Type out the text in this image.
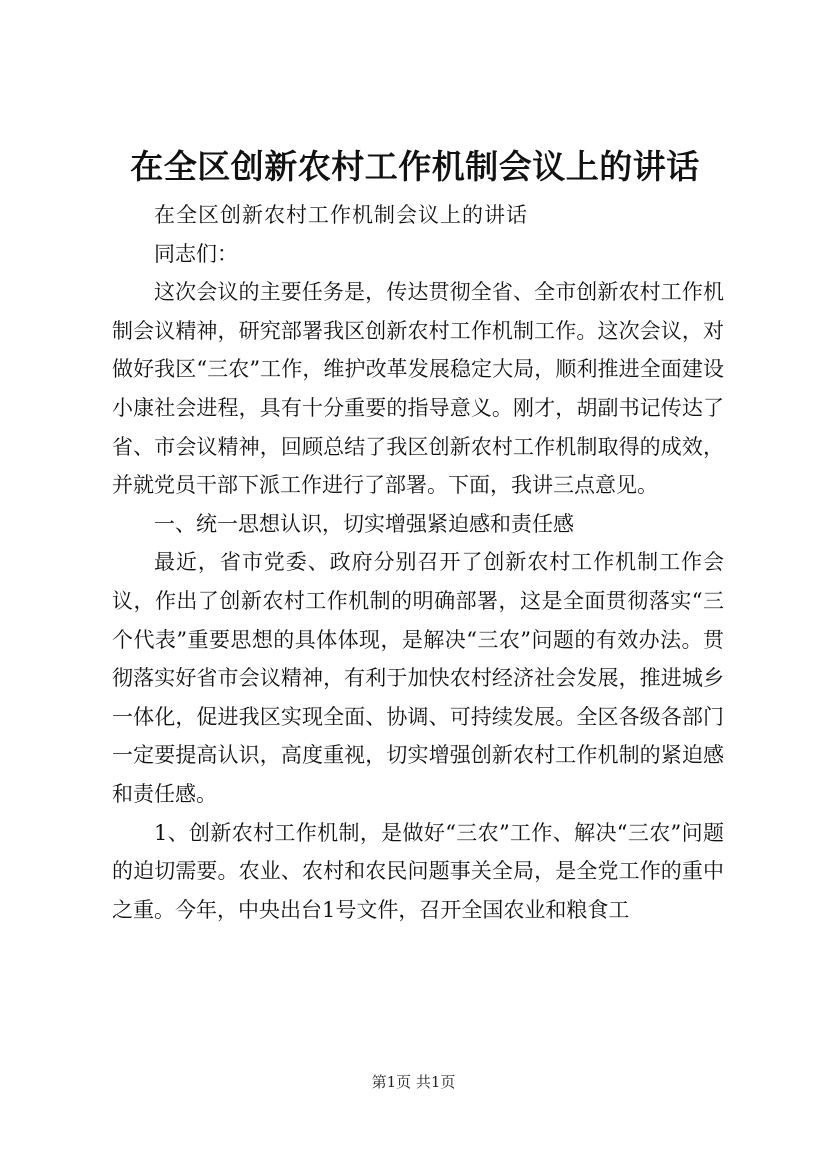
在全区创新农村工作机制会议上的讲话

在全区创新农村工作机制会议上的讲话

同志们：

这次会议的主要任务是，传达贯彻全省、全市创新农村工作机制会议精神，研究部署我区创新农村工作机制工作。这次会议，对做好我区“三农”工作，维护改革发展稳定大局，顺利推进全面建设小康社会进程，具有十分重要的指导意义。刚才，胡副书记传达了省、市会议精神，回顾总结了我区创新农村工作机制取得的成效，并就党员干部下派工作进行了部署。下面，我讲三点意见。

一、统一思想认识，切实增强紧迫感和责任感

最近，省市党委、政府分别召开了创新农村工作机制工作会议，作出了创新农村工作机制的明确部署，这是全面贯彻落实“三个代表”重要思想的具体体现，是解决“三农”问题的有效办法。贯彻落实好省市会议精神，有利于加快农村经济社会发展，推进城乡一体化，促进我区实现全面、协调、可持续发展。全区各级各部门一定要提高认识，高度重视，切实增强创新农村工作机制的紧迫感和责任感。

1、创新农村工作机制，是做好“三农”工作、解决“三农”问题的迫切需要。农业、农村和农民问题事关全局，是全党工作的重中之重。今年，中央出台1号文件，召开全国农业和粮食工

第1页 共1页
